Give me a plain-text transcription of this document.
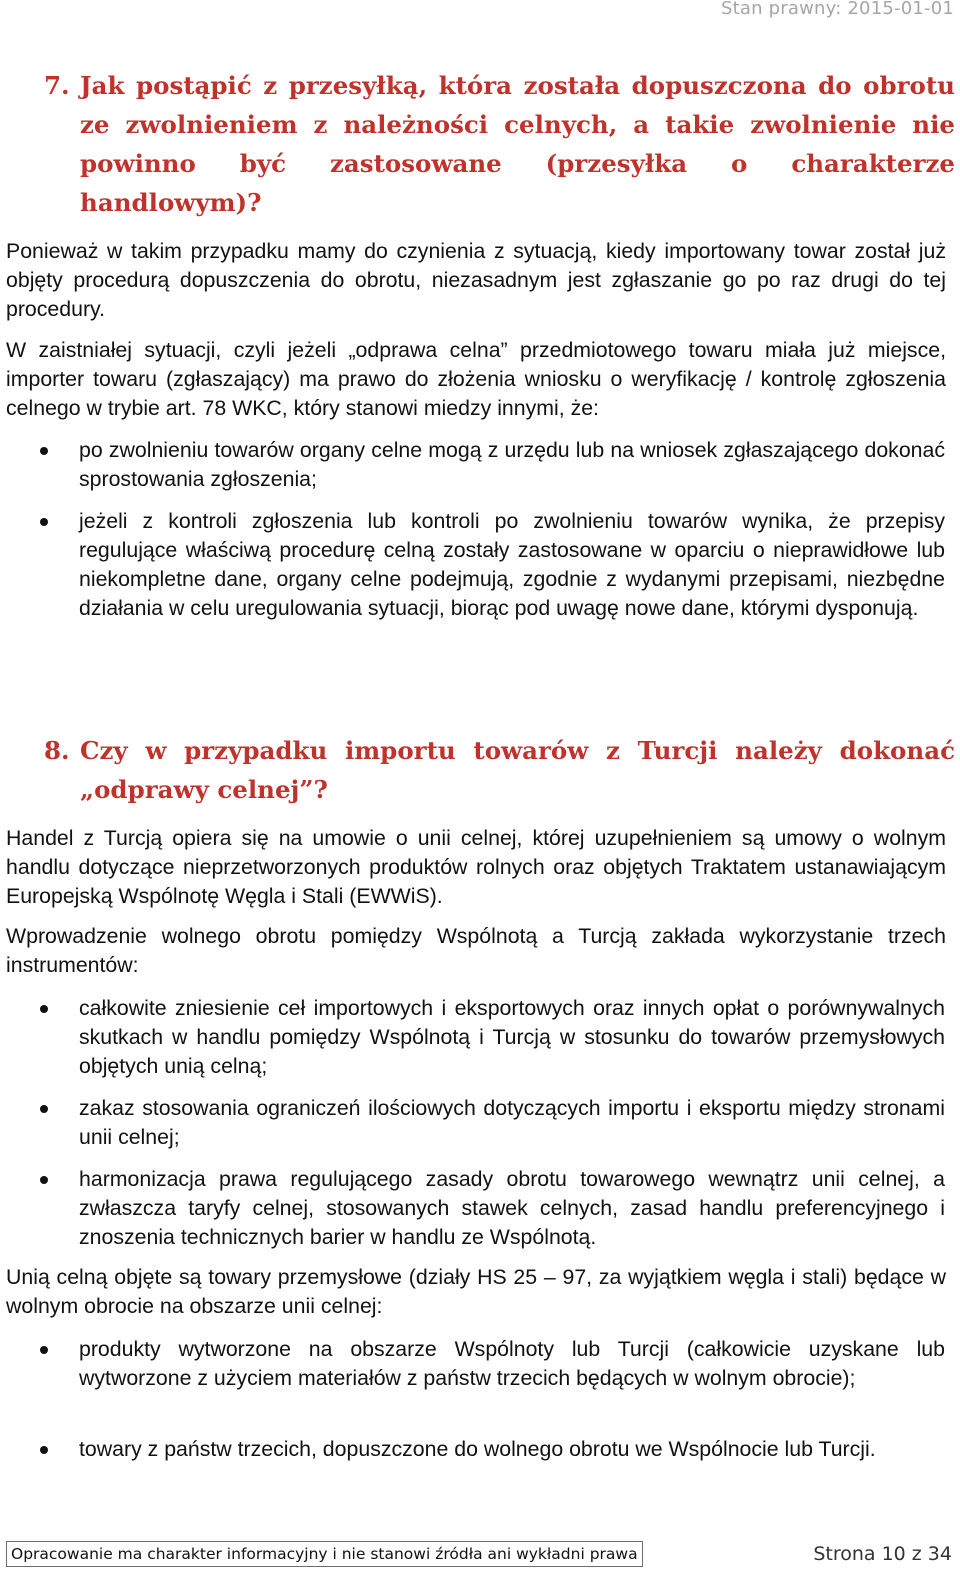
Stan prawny: 2015-01-01
7. Jak postąpić z przesyłką, która została dopuszczona do obrotu ze zwolnieniem z należności celnych, a takie zwolnienie nie powinno być zastosowane (przesyłka o charakterze handlowym)?

Ponieważ w takim przypadku mamy do czynienia z sytuacją, kiedy importowany towar został już objęty procedurą dopuszczenia do obrotu, niezasadnym jest zgłaszanie go po raz drugi do tej procedury.

W zaistniałej sytuacji, czyli jeżeli „odprawa celna” przedmiotowego towaru miała już miejsce, importer towaru (zgłaszający) ma prawo do złożenia wniosku o weryfikację / kontrolę zgłoszenia celnego w trybie art. 78 WKC, który stanowi miedzy innymi, że:

po zwolnieniu towarów organy celne mogą z urzędu lub na wniosek zgłaszającego dokonać sprostowania zgłoszenia;
jeżeli z kontroli zgłoszenia lub kontroli po zwolnieniu towarów wynika, że przepisy regulujące właściwą procedurę celną zostały zastosowane w oparciu o nieprawidłowe lub niekompletne dane, organy celne podejmują, zgodnie z wydanymi przepisami, niezbędne działania w celu uregulowania sytuacji, biorąc pod uwagę nowe dane, którymi dysponują.
8. Czy w przypadku importu towarów z Turcji należy dokonać „odprawy celnej”?

Handel z Turcją opiera się na umowie o unii celnej, której uzupełnieniem są umowy o wolnym handlu dotyczące nieprzetworzonych produktów rolnych oraz objętych Traktatem ustanawiającym Europejską Wspólnotę Węgla i Stali (EWWiS).

Wprowadzenie wolnego obrotu pomiędzy Wspólnotą a Turcją zakłada wykorzystanie trzech instrumentów:

całkowite zniesienie ceł importowych i eksportowych oraz innych opłat o porównywalnych skutkach w handlu pomiędzy Wspólnotą i Turcją w stosunku do towarów przemysłowych objętych unią celną;
zakaz stosowania ograniczeń ilościowych dotyczących importu i eksportu między stronami unii celnej;
harmonizacja prawa regulującego zasady obrotu towarowego wewnątrz unii celnej, a zwłaszcza taryfy celnej, stosowanych stawek celnych, zasad handlu preferencyjnego i znoszenia technicznych barier w handlu ze Wspólnotą.

Unią celną objęte są towary przemysłowe (działy HS 25 – 97, za wyjątkiem węgla i stali) będące w wolnym obrocie na obszarze unii celnej:

produkty wytworzone na obszarze Wspólnoty lub Turcji (całkowicie uzyskane lub wytworzone z użyciem materiałów z państw trzecich będących w wolnym obrocie);
towary z państw trzecich, dopuszczone do wolnego obrotu we Wspólnocie lub Turcji.
Opracowanie ma charakter informacyjny i nie stanowi źródła ani wykładni prawa	Strona 10 z 34
